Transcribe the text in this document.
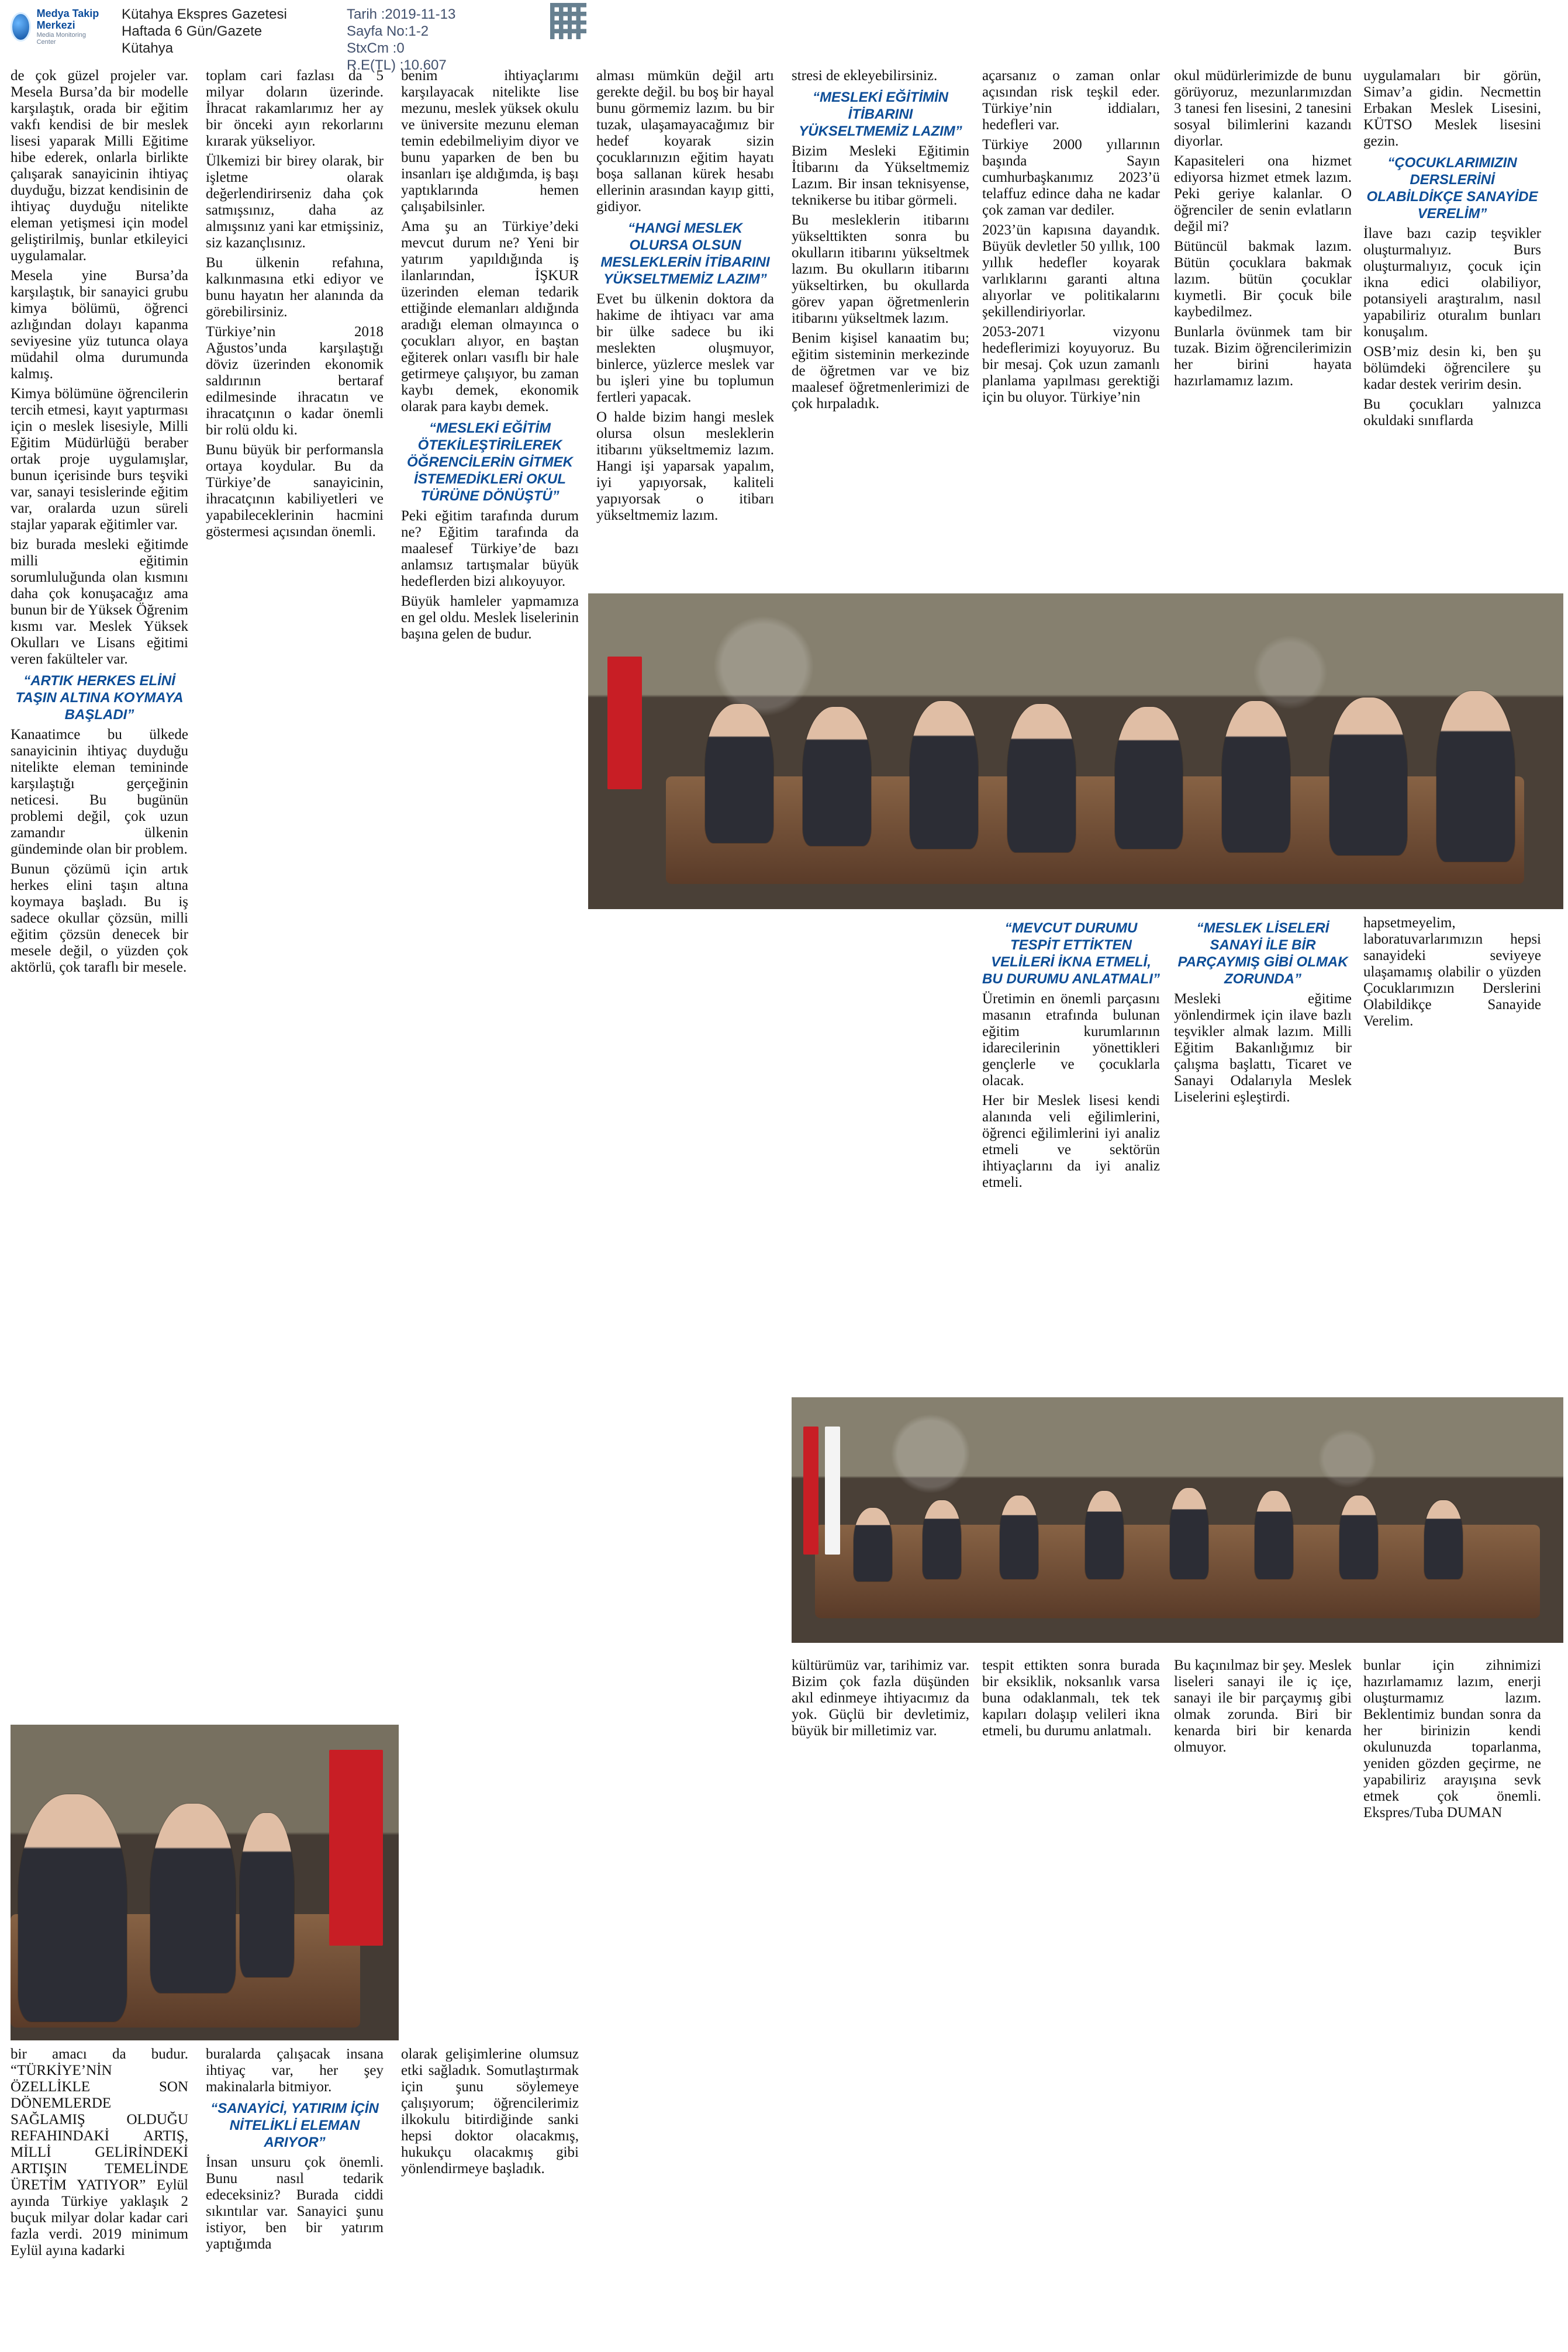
Medya Takip Merkezi
Media Monitoring Center
Kütahya Ekspres Gazetesi
Haftada 6 Gün/Gazete
Kütahya
Tarih :2019-11-13
Sayfa No:1-2
StxCm :0
R.E(TL) :10.607

de çok güzel projeler var. Mesela Bursa’da bir modelle karşılaştık, orada bir eğitim vakfı kendisi de bir meslek lisesi yaparak Milli Eğitime hibe ederek, onlarla birlikte çalışarak sanayicinin ihtiyaç duyduğu, bizzat kendisinin de ihtiyaç duyduğu nitelikte eleman yetişmesi için model geliştirilmiş, bunlar etkileyici uygulamalar.

Mesela yine Bursa’da karşılaştık, bir sanayici grubu kimya bölümü, öğrenci azlığından dolayı kapanma seviyesine yüz tutunca olaya müdahil olma durumunda kalmış.

Kimya bölümüne öğrencilerin tercih etmesi, kayıt yaptırması için o meslek lisesiyle, Milli Eğitim Müdürlüğü beraber ortak proje uygulamışlar, bunun içerisinde burs teşviki var, sanayi tesislerinde eğitim var, oralarda uzun süreli stajlar yaparak eğitimler var.

biz burada mesleki eğitimde milli eğitimin sorumluluğunda olan kısmını daha çok konuşacağız ama bunun bir de Yüksek Öğrenim kısmı var. Meslek Yüksek Okulları ve Lisans eğitimi veren fakülteler var.

“ARTIK HERKES ELİNİ TAŞIN ALTINA KOYMAYA BAŞLADI”

Kanaatimce bu ülkede sanayicinin ihtiyaç duyduğu nitelikte eleman temininde karşılaştığı gerçeğinin neticesi. Bu bugünün problemi değil, çok uzun zamandır ülkenin gündeminde olan bir problem.

Bunun çözümü için artık herkes elini taşın altına koymaya başladı. Bu iş sadece okullar çözsün, milli eğitim çözsün denecek bir mesele değil, o yüzden çok aktörlü, çok taraflı bir mesele.

toplam cari fazlası da 5 milyar doların üzerinde. İhracat rakamlarımız her ay bir önceki ayın rekorlarını kırarak yükseliyor.

Ülkemizi bir birey olarak, bir işletme olarak değerlendirirseniz daha çok satmışsınız, daha az almışsınız yani kar etmişsiniz, siz kazançlısınız.

Bu ülkenin refahına, kalkınmasına etki ediyor ve bunu hayatın her alanında da görebilirsiniz.

Türkiye’nin 2018 Ağustos’unda karşılaştığı döviz üzerinden ekonomik saldırının bertaraf edilmesinde ihracatın ve ihracatçının o kadar önemli bir rolü oldu ki.

Bunu büyük bir performansla ortaya koydular. Bu da Türkiye’de sanayicinin, ihracatçının kabiliyetleri ve yapabileceklerinin hacmini göstermesi açısından önemli.

benim ihtiyaçlarımı karşılayacak nitelikte lise mezunu, meslek yüksek okulu ve üniversite mezunu eleman temin edebilmeliyim diyor ve bunu yaparken de ben bu insanları işe aldığımda, iş başı yaptıklarında hemen çalışabilsinler.

Ama şu an Türkiye’deki mevcut durum ne? Yeni bir yatırım yapıldığında iş ilanlarından, İŞKUR üzerinden eleman tedarik ettiğinde elemanları aldığında aradığı eleman olmayınca o çocukları alıyor, en baştan eğiterek onları vasıflı bir hale getirmeye çalışıyor, bu zaman kaybı demek, ekonomik olarak para kaybı demek.

“MESLEKİ EĞİTİM ÖTEKİLEŞTİRİLEREK ÖĞRENCİLERİN GİTMEK İSTEMEDİKLERİ OKUL TÜRÜNE DÖNÜŞTÜ”

Peki eğitim tarafında durum ne? Eğitim tarafında da maalesef Türkiye’de bazı anlamsız tartışmalar büyük hedeflerden bizi alıkoyuyor.

Büyük hamleler yapmamıza en gel oldu. Meslek liselerinin başına gelen de budur.

alması mümkün değil artı gerekte değil. bu boş bir hayal bunu görmemiz lazım. bu bir tuzak, ulaşamayacağımız bir hedef koyarak sizin çocuklarınızın eğitim hayatı boşa sallanan kürek hesabı ellerinin arasından kayıp gitti, gidiyor.

“HANGİ MESLEK OLURSA OLSUN MESLEKLERİN İTİBARINI YÜKSELTMEMİZ LAZIM”

Evet bu ülkenin doktora da hakime de ihtiyacı var ama bir ülke sadece bu iki meslekten oluşmuyor, binlerce, yüzlerce meslek var bu işleri yine bu toplumun fertleri yapacak.

O halde bizim hangi meslek olursa olsun mesleklerin itibarını yükseltmemiz lazım. Hangi işi yaparsak yapalım, iyi yapıyorsak, kaliteli yapıyorsak o itibarı yükseltmemiz lazım.

stresi de ekleyebilirsiniz.

“MESLEKİ EĞİTİMİN İTİBARINI YÜKSELTMEMİZ LAZIM”

Bizim Mesleki Eğitimin İtibarını da Yükseltmemiz Lazım. Bir insan teknisyense, teknikerse bu itibar görmeli.

Bu mesleklerin itibarını yükselttikten sonra bu okulların itibarını yükseltmek lazım. Bu okulların itibarını yükseltirken, bu okullarda görev yapan öğretmenlerin itibarını yükseltmek lazım.

Benim kişisel kanaatim bu; eğitim sisteminin merkezinde de öğretmen var ve biz maalesef öğretmenlerimizi de çok hırpaladık.

açarsanız o zaman onlar açısından risk teşkil eder. Türkiye’nin iddiaları, hedefleri var.

Türkiye 2000 yıllarının başında Sayın cumhurbaşkanımız 2023’ü telaffuz edince daha ne kadar çok zaman var dediler.

2023’ün kapısına dayandık. Büyük devletler 50 yıllık, 100 yıllık hedefler koyarak varlıklarını garanti altına alıyorlar ve politikalarını şekillendiriyorlar.

2053-2071 vizyonu hedeflerimizi koyuyoruz. Bu bir mesaj. Çok uzun zamanlı planlama yapılması gerektiği için bu oluyor. Türkiye’nin

okul müdürlerimizde de bunu görüyoruz, mezunlarımızdan 3 tanesi fen lisesini, 2 tanesini sosyal bilimlerini kazandı diyorlar.

Kapasiteleri ona hizmet ediyorsa hizmet etmek lazım. Peki geriye kalanlar. O öğrenciler de senin evlatların değil mi?

Bütüncül bakmak lazım. Bütün çocuklara bakmak lazım. bütün çocuklar kıymetli. Bir çocuk bile kaybedilmez.

Bunlarla övünmek tam bir tuzak. Bizim öğrencilerimizin her birini hayata hazırlamamız lazım.

uygulamaları bir görün, Simav’a gidin. Necmettin Erbakan Meslek Lisesini, KÜTSO Meslek lisesini gezin.

“ÇOCUKLARIMIZIN DERSLERİNİ OLABİLDİKÇE SANAYİDE VERELİM”

İlave bazı cazip teşvikler oluşturmalıyız. Burs oluşturmalıyız, çocuk için ikna edici olabiliyor, potansiyeli araştıralım, nasıl yapabiliriz oturalım bunları konuşalım.

OSB’miz desin ki, ben şu bölümdeki öğrencilere şu kadar destek veririm desin.

Bu çocukları yalnızca okuldaki sınıflarda

“MEVCUT DURUMU TESPİT ETTİKTEN VELİLERİ İKNA ETMELİ, BU DURUMU ANLATMALI”

Üretimin en önemli parçasını masanın etrafında bulunan eğitim kurumlarının idarecilerinin yönettikleri gençlerle ve çocuklarla olacak.

Her bir Meslek lisesi kendi alanında veli eğilimlerini, öğrenci eğilimlerini iyi analiz etmeli ve sektörün ihtiyaçlarını da iyi analiz etmeli.

“MESLEK LİSELERİ SANAYİ İLE BİR PARÇAYMIŞ GİBİ OLMAK ZORUNDA”

Mesleki eğitime yönlendirmek için ilave bazlı teşvikler almak lazım. Milli Eğitim Bakanlığımız bir çalışma başlattı, Ticaret ve Sanayi Odalarıyla Meslek Liselerini eşleştirdi.

hapsetmeyelim, laboratuvarlarımızın hepsi sanayideki seviyeye ulaşamamış olabilir o yüzden Çocuklarımızın Derslerini Olabildikçe Sanayide Verelim.

bir amacı da budur. “TÜRKİYE’NİN ÖZELLİKLE SON DÖNEMLERDE SAĞLAMIŞ OLDUĞU REFAHINDAKİ ARTIŞ, MİLLİ GELİRİNDEKİ ARTIŞIN TEMELİNDE ÜRETİM YATIYOR” Eylül ayında Türkiye yaklaşık 2 buçuk milyar dolar kadar cari fazla verdi. 2019 minimum Eylül ayına kadarki

buralarda çalışacak insana ihtiyaç var, her şey makinalarla bitmiyor.

“SANAYİCİ, YATIRIM İÇİN NİTELİKLİ ELEMAN ARIYOR”

İnsan unsuru çok önemli. Bunu nasıl tedarik edeceksiniz? Burada ciddi sıkıntılar var. Sanayici şunu istiyor, ben bir yatırım yaptığımda

olarak gelişimlerine olumsuz etki sağladık. Somutlaştırmak için şunu söylemeye çalışıyorum; öğrencilerimiz ilkokulu bitirdiğinde sanki hepsi doktor olacakmış, hukukçu olacakmış gibi yönlendirmeye başladık.

kültürümüz var, tarihimiz var. Bizim çok fazla düşünden akıl edinmeye ihtiyacımız da yok. Güçlü bir devletimiz, büyük bir milletimiz var.

tespit ettikten sonra burada bir eksiklik, noksanlık varsa buna odaklanmalı, tek tek kapıları dolaşıp velileri ikna etmeli, bu durumu anlatmalı.

Bu kaçınılmaz bir şey. Meslek liseleri sanayi ile iç içe, sanayi ile bir parçaymış gibi olmak zorunda. Biri bir kenarda biri bir kenarda olmuyor.

bunlar için zihnimizi hazırlamamız lazım, enerji oluşturmamız lazım. Beklentimiz bundan sonra da her birinizin kendi okulunuzda toparlanma, yeniden gözden geçirme, ne yapabiliriz arayışına sevk etmek çok önemli. Ekspres/Tuba DUMAN
